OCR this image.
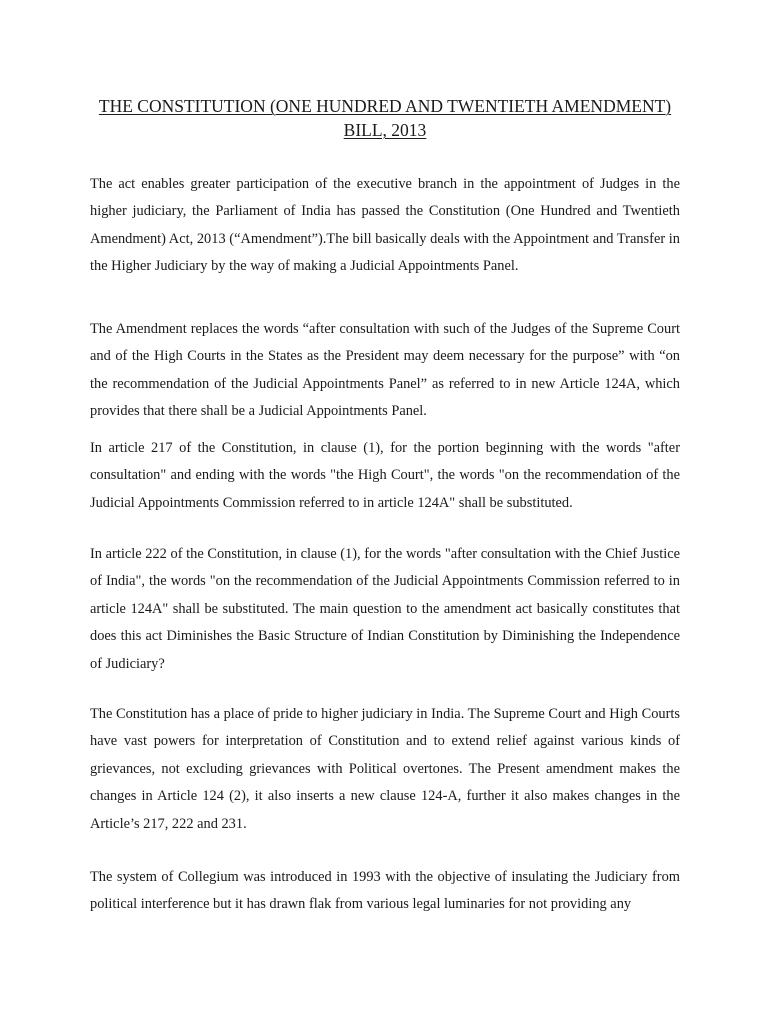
THE CONSTITUTION (ONE HUNDRED AND TWENTIETH AMENDMENT) BILL, 2013

The act enables greater participation of the executive branch in the appointment of Judges in the higher judiciary, the Parliament of India has passed the Constitution (One Hundred and Twentieth Amendment) Act, 2013 (“Amendment”).The bill basically deals with the Appointment and Transfer in the Higher Judiciary by the way of making a Judicial Appointments Panel.

The Amendment replaces the words “after consultation with such of the Judges of the Supreme Court and of the High Courts in the States as the President may deem necessary for the purpose” with “on the recommendation of the Judicial Appointments Panel” as referred to in new Article 124A, which provides that there shall be a Judicial Appointments Panel.

In article 217 of the Constitution, in clause (1), for the portion beginning with the words "after consultation" and ending with the words "the High Court", the words "on the recommendation of the Judicial Appointments Commission referred to in article 124A" shall be substituted.

In article 222 of the Constitution, in clause (1), for the words "after consultation with the Chief Justice of India", the words "on the recommendation of the Judicial Appointments Commission referred to in article 124A" shall be substituted. The main question to the amendment act basically constitutes that does this act Diminishes the Basic Structure of Indian Constitution by Diminishing the Independence of Judiciary?

The Constitution has a place of pride to higher judiciary in India. The Supreme Court and High Courts have vast powers for interpretation of Constitution and to extend relief against various kinds of grievances, not excluding grievances with Political overtones. The Present amendment makes the changes in Article 124 (2), it also inserts a new clause 124-A, further it also makes changes in the Article’s 217, 222 and 231.

The system of Collegium was introduced in 1993 with the objective of insulating the Judiciary from political interference but it has drawn flak from various legal luminaries for not providing any
